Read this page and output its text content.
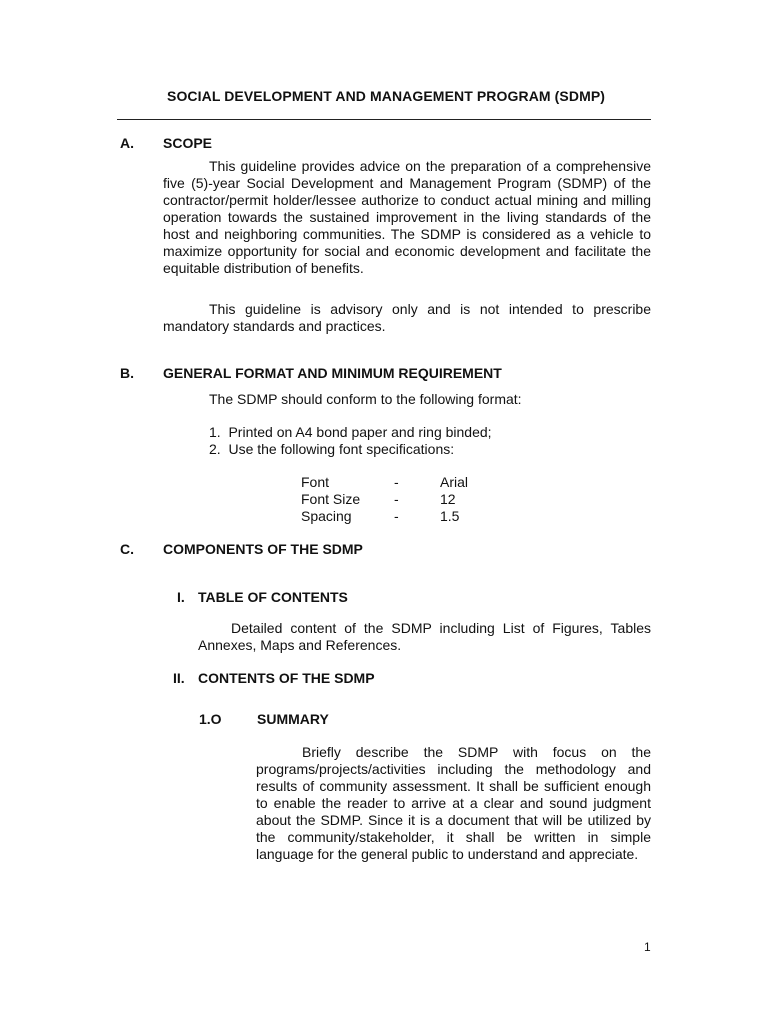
SOCIAL DEVELOPMENT AND MANAGEMENT PROGRAM (SDMP)
A. SCOPE

This guideline provides advice on the preparation of a comprehensive five (5)-year Social Development and Management Program (SDMP) of the contractor/permit holder/lessee authorize to conduct actual mining and milling operation towards the sustained improvement in the living standards of the host and neighboring communities. The SDMP is considered as a vehicle to maximize opportunity for social and economic development and facilitate the equitable distribution of benefits.

This guideline is advisory only and is not intended to prescribe mandatory standards and practices.

B. GENERAL FORMAT AND MINIMUM REQUIREMENT
The SDMP should conform to the following format:
1.  Printed on A4 bond paper and ring binded;
2.  Use the following font specifications:
Font	-	Arial
Font Size -	12
Spacing	-	1.5
C. COMPONENTS OF THE SDMP
I. TABLE OF CONTENTS

Detailed content of the SDMP including List of Figures, Tables Annexes, Maps and References.

II. CONTENTS OF THE SDMP
1.O	SUMMARY

Briefly describe the SDMP with focus on the programs/projects/activities including the methodology and results of community assessment. It shall be sufficient enough to enable the reader to arrive at a clear and sound judgment about the SDMP. Since it is a document that will be utilized by the community/stakeholder, it shall be written in simple language for the general public to understand and appreciate.

1
